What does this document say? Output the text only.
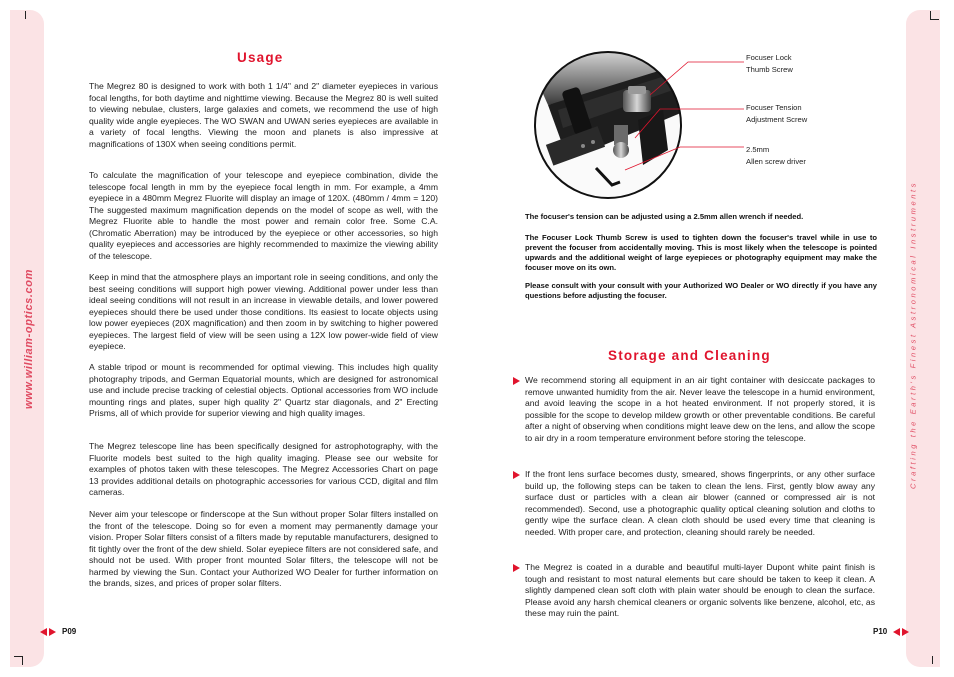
www.william-optics.com	Crafting the Earth's Finest Astronomical Instruments
Usage

The Megrez 80 is designed to work with both 1 1/4" and 2" diameter eyepieces in various focal lengths, for both daytime and nighttime viewing. Because the Megrez 80 is well suited to viewing nebulae, clusters, large galaxies and comets, we recommend the use of high quality wide angle eyepieces. The WO SWAN and UWAN series eyepieces are available in a variety of focal lengths. Viewing the moon and planets is also impressive at magnifications of 130X when seeing conditions permit.

To calculate the magnification of your telescope and eyepiece combination, divide the telescope focal length in mm by the eyepiece focal length in mm. For example, a 4mm eyepiece in a 480mm Megrez Fluorite will display an image of 120X. (480mm / 4mm = 120) The suggested maximum magnification depends on the model of scope as well, with the Megrez Fluorite able to handle the most power and remain color free. Some C.A. (Chromatic Aberration) may be introduced by the eyepiece or other accessories, so high quality eyepieces and accessories are highly recommended to maximize the viewing ability of the telescope.

Keep in mind that the atmosphere plays an important role in seeing conditions, and only the best seeing conditions will support high power viewing. Additional power under less than ideal seeing conditions will not result in an increase in viewable details, and lower powered eyepieces should there be used under those conditions. Its easiest to locate objects using low power eyepieces (20X magnification) and then zoom in by switching to higher powered eyepieces. The largest field of view will be seen using a 12X low power-wide field of view eyepiece.

A stable tripod or mount is recommended for optimal viewing. This includes high quality photography tripods, and German Equatorial mounts, which are designed for astronomical use and include precise tracking of celestial objects. Optional accessories from WO include mounting rings and plates, super high quality 2" Quartz star diagonals, and 2" Erecting Prisms, all of which provide for superior viewing and high quality images.

The Megrez telescope line has been specifically designed for astrophotography, with the Fluorite models best suited to the high quality imaging. Please see our website for examples of photos taken with these telescopes. The Megrez Accessories Chart on page 13 provides additional details on photographic accessories for various CCD, digital and film cameras.

Never aim your telescope or finderscope at the Sun without proper Solar filters installed on the front of the telescope. Doing so for even a moment may permanently damage your vision. Proper Solar filters consist of a filters made by reputable manufacturers, designed to fit tightly over the front of the dew shield. Solar eyepiece filters are not considered safe, and should not be used. With proper front mounted Solar filters, the telescope will not be harmed by viewing the Sun. Contact your Authorized WO Dealer for further information on the brands, sizes, and prices of proper solar filters.

P09
Focuser Lock
Thumb Screw
Focuser Tension
Adjustment Screw
2.5mm
Allen screw driver

The focuser's tension can be adjusted using a 2.5mm allen wrench if needed.

The Focuser Lock Thumb Screw is used to tighten down the focuser's travel while in use to prevent the focuser from accidentally moving. This is most likely when the telescope is pointed upwards and the additional weight of large eyepieces or photography equipment may make the focuser move on its own.

Please consult with your consult with your Authorized WO Dealer or WO directly if you have any questions before adjusting the focuser.

Storage and Cleaning

We recommend storing all equipment in an air tight container with desiccate packages to remove unwanted humidity from the air. Never leave the telescope in a humid environment, and avoid leaving the scope in a hot heated environment. If not properly stored, it is possible for the scope to develop mildew growth or other preventable conditions. Be careful after a night of observing when conditions might leave dew on the lens, and allow the scope to air dry in a room temperature environment before storing the telescope.

If the front lens surface becomes dusty, smeared, shows fingerprints, or any other surface build up, the following steps can be taken to clean the lens. First, gently blow away any surface dust or particles with a clean air blower (canned or compressed air is not recommended). Second, use a photographic quality optical cleaning solution and cloths to gently wipe the surface clean. A clean cloth should be used every time that cleaning is needed. With proper care, and protection, cleaning should rarely be needed.

The Megrez is coated in a durable and beautiful multi-layer Dupont white paint finish is tough and resistant to most natural elements but care should be taken to keep it clean. A slightly dampened clean soft cloth with plain water should be enough to clean the surface. Please avoid any harsh chemical cleaners or organic solvents like benzene, alcohol, etc, as these may ruin the paint.

P10
